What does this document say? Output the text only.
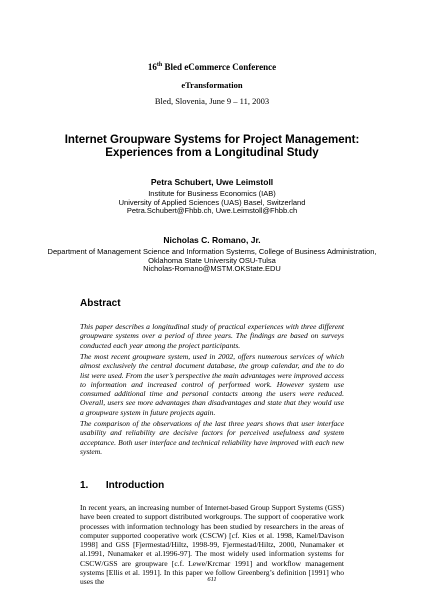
16th Bled eCommerce Conference
eTransformation
Bled, Slovenia, June 9 – 11, 2003
Internet Groupware Systems for Project Management:
Experiences from a Longitudinal Study
Petra Schubert, Uwe Leimstoll
Institute for Business Economics (IAB)
University of Applied Sciences (UAS) Basel, Switzerland
Petra.Schubert@Fhbb.ch, Uwe.Leimstoll@Fhbb.ch
Nicholas C. Romano, Jr.
Department of Management Science and Information Systems, College of Business Administration,
Oklahoma State University OSU-Tulsa
Nicholas-Romano@MSTM.OKState.EDU
Abstract
This paper describes a longitudinal study of practical experiences with three different groupware systems over a period of three years. The findings are based on surveys conducted each year among the project participants.
The most recent groupware system, used in 2002, offers numerous services of which almost exclusively the central document database, the group calendar, and the to do list were used. From the user’s perspective the main advantages were improved access to information and increased control of performed work. However system use consumed additional time and personal contacts among the users were reduced. Overall, users see more advantages than disadvantages and state that they would use a groupware system in future projects again.
The comparison of the observations of the last three years shows that user interface usability and reliability are decisive factors for perceived usefulness and system acceptance. Both user interface and technical reliability have improved with each new system.
1. Introduction
In recent years, an increasing number of Internet-based Group Support Systems (GSS) have been created to support distributed workgroups. The support of cooperative work processes with information technology has been studied by researchers in the areas of computer supported cooperative work (CSCW) [cf. Kies et al. 1998, Kamel/Davison 1998] and GSS [Fjermestad/Hiltz, 1998-99, Fjermestad/Hiltz, 2000, Nunamaker et al.1991, Nunamaker et al.1996-97]. The most widely used information systems for CSCW/GSS are groupware [c.f. Lewe/Krcmar 1991] and workflow management systems [Ellis et al. 1991]. In this paper we follow Greenberg’s definition [1991] who uses the	611
